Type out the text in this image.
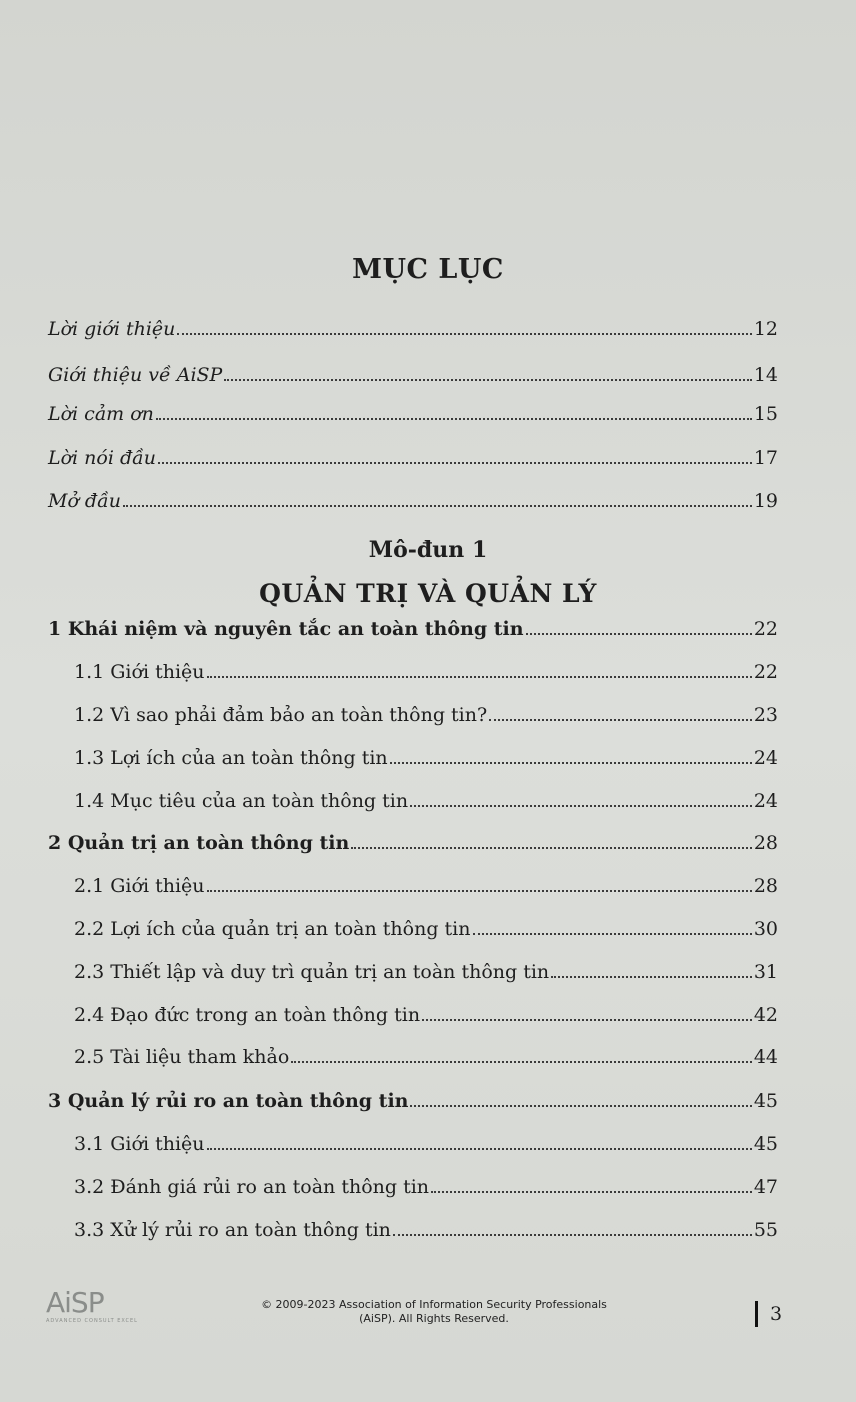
MỤC LỤC
Lời giới thiệu	12
Giới thiệu về AiSP	14
Lời cảm ơn	15
Lời nói đầu	17
Mở đầu	19
Mô-đun 1
QUẢN TRỊ VÀ QUẢN LÝ
1 Khái niệm và nguyên tắc an toàn thông tin	22
1.1 Giới thiệu	22
1.2 Vì sao phải đảm bảo an toàn thông tin?	23
1.3 Lợi ích của an toàn thông tin	24
1.4 Mục tiêu của an toàn thông tin	24
2 Quản trị an toàn thông tin	28
2.1 Giới thiệu	28
2.2 Lợi ích của quản trị an toàn thông tin	30
2.3 Thiết lập và duy trì quản trị an toàn thông tin	31
2.4 Đạo đức trong an toàn thông tin	42
2.5 Tài liệu tham khảo	44
3 Quản lý rủi ro an toàn thông tin	45
3.1 Giới thiệu	45
3.2 Đánh giá rủi ro an toàn thông tin	47
3.3 Xử lý rủi ro an toàn thông tin	55
AiSP
ADVANCED CONSULT EXCEL
© 2009-2023 Association of Information Security Professionals
(AiSP). All Rights Reserved.	3
